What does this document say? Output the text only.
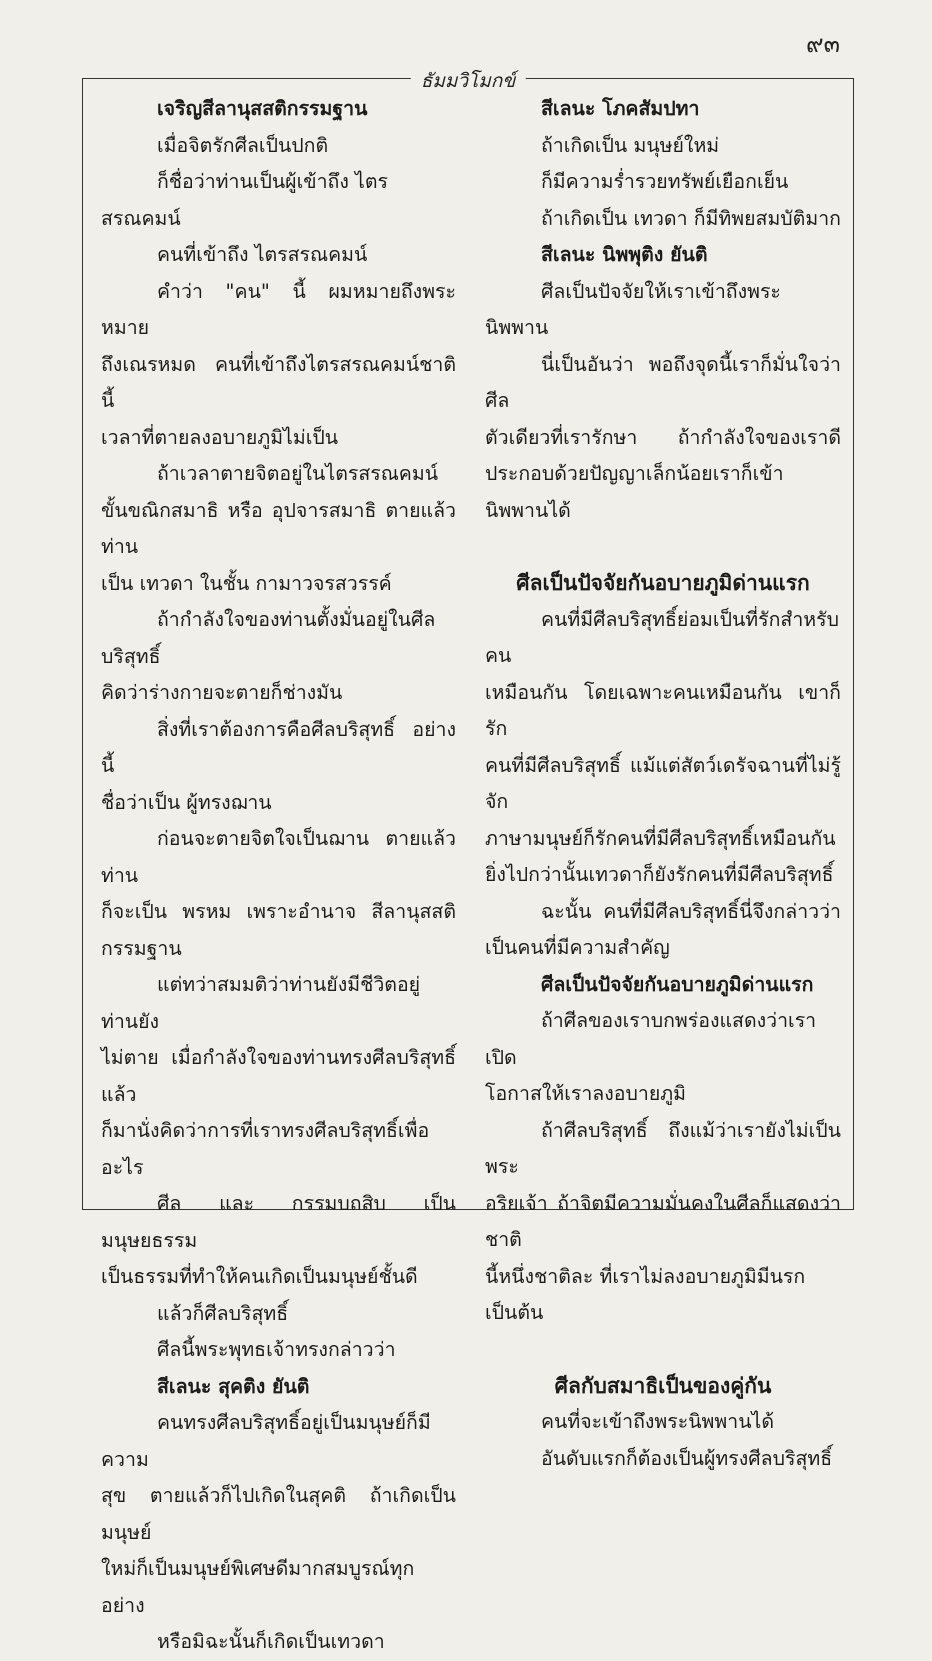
๙๓
ธัมมวิโมกข์

เจริญสีลานุสสติกรรมฐาน

เมื่อจิตรักศีลเป็นปกติ

ก็ชื่อว่าท่านเป็นผู้เข้าถึง ไตรสรณคมน์

คนที่เข้าถึง ไตรสรณคมน์

คำว่า "คน" นี้ ผมหมายถึงพระ หมาย

ถึงเณรหมด คนที่เข้าถึงไตรสรณคมน์ชาตินี้

เวลาที่ตายลงอบายภูมิไม่เป็น

ถ้าเวลาตายจิตอยู่ในไตรสรณคมน์

ขั้นขณิกสมาธิ หรือ อุปจารสมาธิ ตายแล้วท่าน

เป็น เทวดา ในชั้น กามาวจรสวรรค์

ถ้ากำลังใจของท่านตั้งมั่นอยู่ในศีลบริสุทธิ์

คิดว่าร่างกายจะตายก็ช่างมัน

สิ่งที่เราต้องการคือศีลบริสุทธิ์ อย่างนี้

ชื่อว่าเป็น ผู้ทรงฌาน

ก่อนจะตายจิตใจเป็นฌาน ตายแล้วท่าน

ก็จะเป็น พรหม เพราะอำนาจ สีลานุสสติกรรมฐาน

แต่ทว่าสมมติว่าท่านยังมีชีวิตอยู่ท่านยัง

ไม่ตาย เมื่อกำลังใจของท่านทรงศีลบริสุทธิ์แล้ว

ก็มานั่งคิดว่าการที่เราทรงศีลบริสุทธิ์เพื่ออะไร

ศีล และ กรรมบถสิบ เป็น มนุษยธรรม

เป็นธรรมที่ทำให้คนเกิดเป็นมนุษย์ชั้นดี

แล้วก็ศีลบริสุทธิ์

ศีลนี้พระพุทธเจ้าทรงกล่าวว่า

สีเลนะ สุคติง ยันติ

คนทรงศีลบริสุทธิ์อยู่เป็นมนุษย์ก็มีความ

สุข ตายแล้วก็ไปเกิดในสุคติ ถ้าเกิดเป็นมนุษย์

ใหม่ก็เป็นมนุษย์พิเศษดีมากสมบูรณ์ทุกอย่าง

หรือมิฉะนั้นก็เกิดเป็นเทวดา

สีเลนะ โภคสัมปทา

ถ้าเกิดเป็น มนุษย์ใหม่

ก็มีความร่ำรวยทรัพย์เยือกเย็น

ถ้าเกิดเป็น เทวดา ก็มีทิพยสมบัติมาก

สีเลนะ นิพพุติง ยันติ

ศีลเป็นปัจจัยให้เราเข้าถึงพระนิพพาน

นี่เป็นอันว่า พอถึงจุดนี้เราก็มั่นใจว่าศีล

ตัวเดียวที่เรารักษา ถ้ากำลังใจของเราดี

ประกอบด้วยปัญญาเล็กน้อยเราก็เข้านิพพานได้

ศีลเป็นปัจจัยกันอบายภูมิด่านแรก

คนที่มีศีลบริสุทธิ์ย่อมเป็นที่รักสำหรับคน

เหมือนกัน โดยเฉพาะคนเหมือนกัน เขาก็รัก

คนที่มีศีลบริสุทธิ์ แม้แต่สัตว์เดรัจฉานที่ไม่รู้จัก

ภาษามนุษย์ก็รักคนที่มีศีลบริสุทธิ์เหมือนกัน

ยิ่งไปกว่านั้นเทวดาก็ยังรักคนที่มีศีลบริสุทธิ์

ฉะนั้น คนที่มีศีลบริสุทธิ์นี่จึงกล่าวว่า

เป็นคนที่มีความสำคัญ

ศีลเป็นปัจจัยกันอบายภูมิด่านแรก

ถ้าศีลของเราบกพร่องแสดงว่าเราเปิด

โอกาสให้เราลงอบายภูมิ

ถ้าศีลบริสุทธิ์ ถึงแม้ว่าเรายังไม่เป็นพระ

อริยเจ้า ถ้าจิตมีความมั่นคงในศีลก็แสดงว่าชาติ

นี้หนึ่งชาติละ ที่เราไม่ลงอบายภูมิมีนรกเป็นต้น

ศีลกับสมาธิเป็นของคู่กัน

คนที่จะเข้าถึงพระนิพพานได้

อันดับแรกก็ต้องเป็นผู้ทรงศีลบริสุทธิ์
